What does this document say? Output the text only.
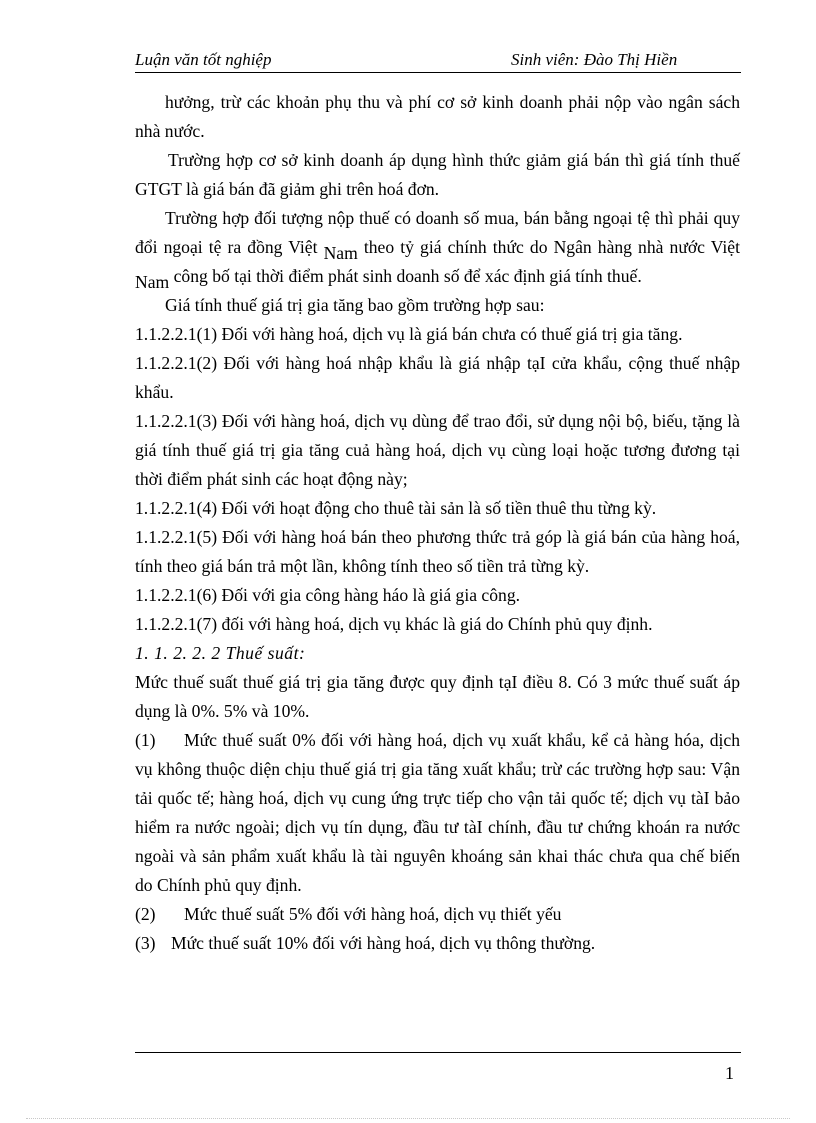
Luận văn tốt nghiệp	Sinh viên: Đào Thị Hiền

hưởng, trừ các khoản phụ thu và phí cơ sở kinh doanh phải nộp vào ngân sách nhà nước.

Trường hợp cơ sở kinh doanh áp dụng hình thức giảm giá bán thì giá tính thuế GTGT là giá bán đã giảm ghi trên hoá đơn.

Trường hợp đối tượng nộp thuế có doanh số mua, bán bằng ngoại tệ thì phải quy đổi ngoại tệ ra đồng Việt Nam theo tỷ giá chính thức do Ngân hàng nhà nước Việt Nam công bố tại thời điểm phát sinh doanh số để xác định giá tính thuế.

Giá tính thuế giá trị gia tăng bao gồm trường hợp sau:

1.1.2.2.1(1) Đối với hàng hoá, dịch vụ là giá bán chưa có thuế giá trị gia tăng.

1.1.2.2.1(2) Đối với hàng hoá nhập khẩu là giá nhập tạI cửa khẩu, cộng thuế nhập khẩu.

1.1.2.2.1(3) Đối với hàng hoá, dịch vụ dùng để trao đổi, sử dụng nội bộ, biếu, tặng là giá tính thuế giá trị gia tăng cuả hàng hoá, dịch vụ cùng loại hoặc tương đương tại thời điểm phát sinh các hoạt động này;

1.1.2.2.1(4) Đối với hoạt động cho thuê tài sản là số tiền thuê thu từng kỳ.

1.1.2.2.1(5) Đối với hàng hoá bán theo phương thức trả góp là giá bán của hàng hoá, tính theo giá bán trả một lần, không tính theo số tiền trả từng kỳ.

1.1.2.2.1(6) Đối với gia công hàng háo là giá gia công.

1.1.2.2.1(7) đối với hàng hoá, dịch vụ khác là giá do Chính phủ quy định.

1. 1. 2. 2. 2 Thuế suất:

Mức thuế suất thuế giá trị gia tăng được quy định tạI điều 8. Có 3 mức thuế suất áp dụng là 0%. 5% và 10%.

(1) Mức thuế suất 0% đối với hàng hoá, dịch vụ xuất khẩu, kể cả hàng hóa, dịch vụ không thuộc diện chịu thuế giá trị gia tăng xuất khẩu; trừ các trường hợp sau: Vận tải quốc tế; hàng hoá, dịch vụ cung ứng trực tiếp cho vận tải quốc tế; dịch vụ tàI bảo hiểm ra nước ngoài; dịch vụ tín dụng, đầu tư tàI chính, đầu tư chứng khoán ra nước ngoài và sản phẩm xuất khẩu là tài nguyên khoáng sản khai thác chưa qua chế biến do Chính phủ quy định.

(2) Mức thuế suất 5% đối với hàng hoá, dịch vụ thiết yếu

(3) Mức thuế suất 10% đối với hàng hoá, dịch vụ thông thường.

1
